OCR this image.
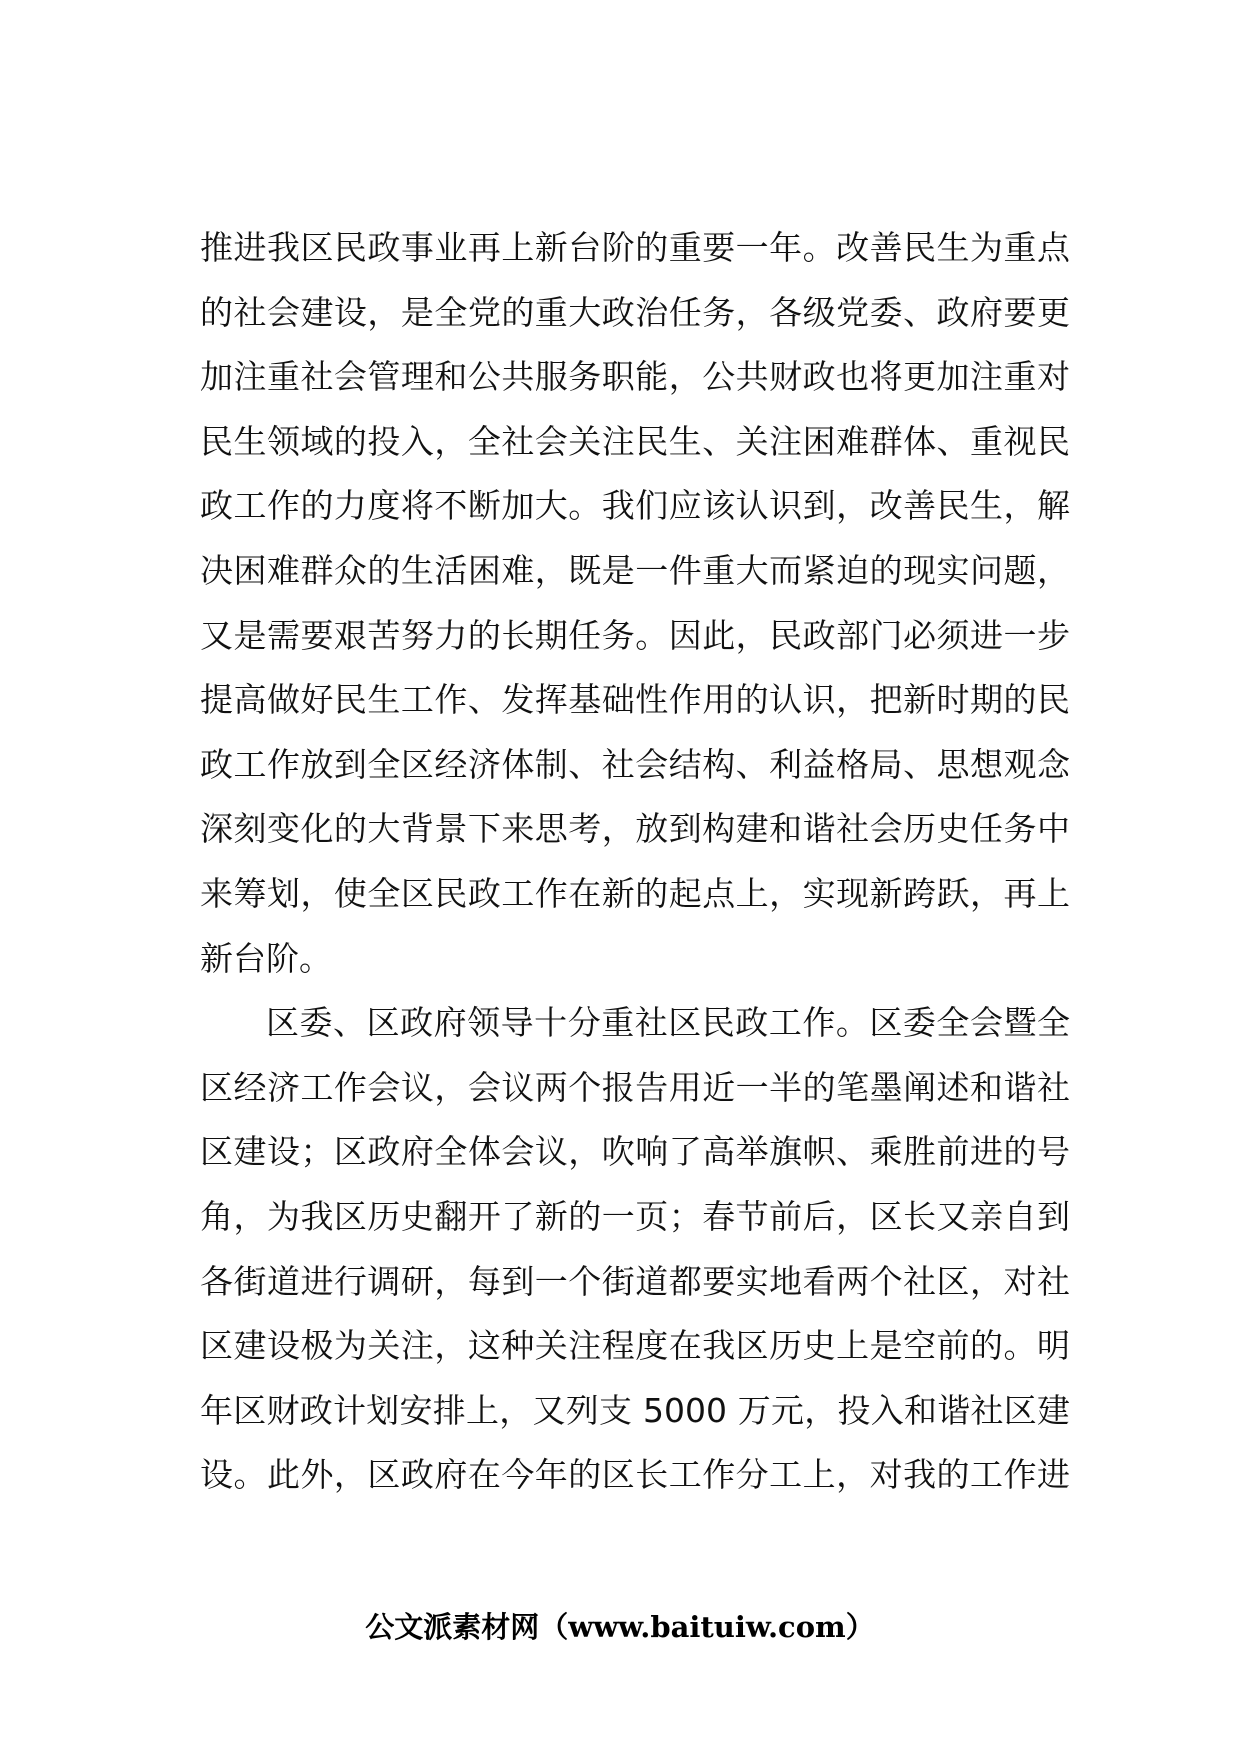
推进我区民政事业再上新台阶的重要一年。改善民生为重点
的社会建设，是全党的重大政治任务，各级党委、政府要更
加注重社会管理和公共服务职能，公共财政也将更加注重对
民生领域的投入，全社会关注民生、关注困难群体、重视民
政工作的力度将不断加大。我们应该认识到，改善民生，解
决困难群众的生活困难，既是一件重大而紧迫的现实问题，
又是需要艰苦努力的长期任务。因此，民政部门必须进一步
提高做好民生工作、发挥基础性作用的认识，把新时期的民
政工作放到全区经济体制、社会结构、利益格局、思想观念
深刻变化的大背景下来思考，放到构建和谐社会历史任务中
来筹划，使全区民政工作在新的起点上，实现新跨跃，再上
新台阶。
区委、区政府领导十分重社区民政工作。区委全会暨全
区经济工作会议，会议两个报告用近一半的笔墨阐述和谐社
区建设；区政府全体会议，吹响了高举旗帜、乘胜前进的号
角，为我区历史翻开了新的一页；春节前后，区长又亲自到
各街道进行调研，每到一个街道都要实地看两个社区，对社
区建设极为关注，这种关注程度在我区历史上是空前的。明
年区财政计划安排上，又列支 5000 万元，投入和谐社区建
设。此外，区政府在今年的区长工作分工上，对我的工作进
公文派素材网（www.baituiw.com）
